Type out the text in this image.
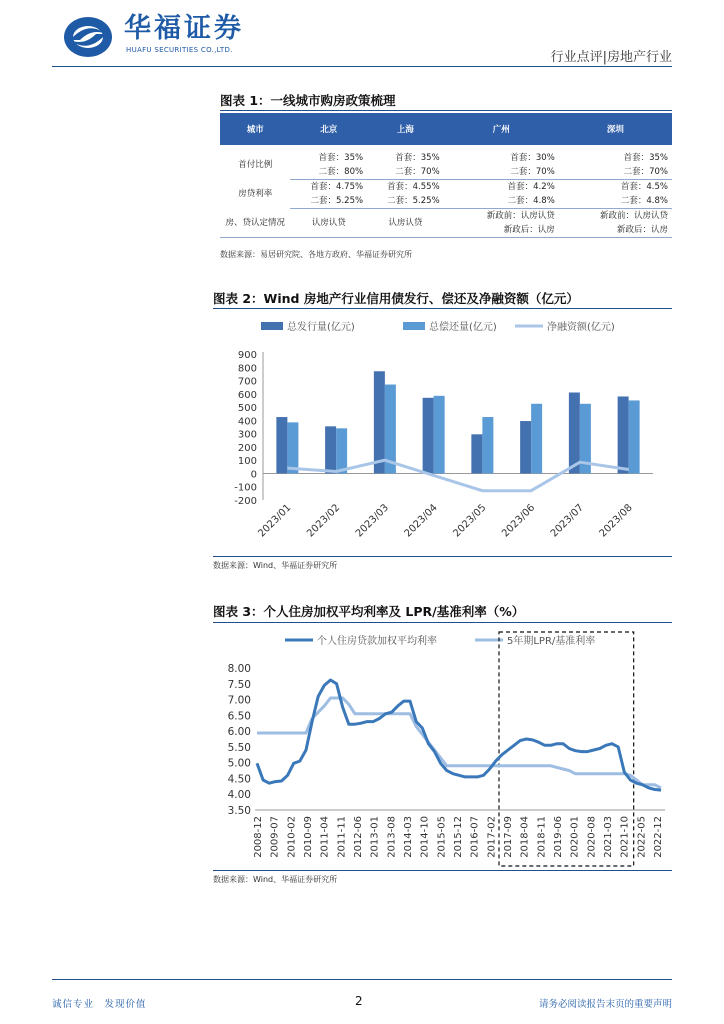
华福证券
HUAFU SECURITIES CO.,LTD.	行业点评|房地产行业
图表 1：一线城市购房政策梳理
城市	北京	上海	广州	深圳

首付比例	首套：35%	首套：35%	首套：30%	首套：35%
	二套：80%	二套：70%	二套：70%	二套：70%
房贷利率	首套：4.75%	首套：4.55%	首套：4.2%	首套：4.5%
	二套：5.25%	二套：5.25%	二套：4.8%	二套：4.8%
房、贷认定情况	认房认贷	认房认贷	新政前：认房认贷	新政前：认房认贷
			新政后：认房	新政后：认房
数据来源：易居研究院、各地方政府、华福证券研究所
图表 2：Wind 房地产行业信用债发行、偿还及净融资额（亿元）
总发行量(亿元)	总偿还量(亿元)	净融资额(亿元)
-200
-100
0
100
200
300
400
500
600
700
800
900
2023/01 2023/02 2023/03 2023/04 2023/05 2023/06 2023/07 2023/08
数据来源：Wind、华福证券研究所
图表 3：个人住房加权平均利率及 LPR/基准利率（%）
个人住房贷款加权平均利率	5年期LPR/基准利率
3.50
4.00
4.50
5.00
5.50
6.00
6.50
7.00
7.50
8.00
2008-12 2009-07 2010-02 2010-09 2011-04 2011-11 2012-06 2013-01 2013-08 2014-03 2014-10 2015-05 2015-12 2016-07 2017-02 2017-09 2018-04 2018-11 2019-06 2020-01 2020-08 2021-03 2021-10 2022-05 2022-12
数据来源：Wind、华福证券研究所
诚信专业　发现价值	2	请务必阅读报告末页的重要声明
